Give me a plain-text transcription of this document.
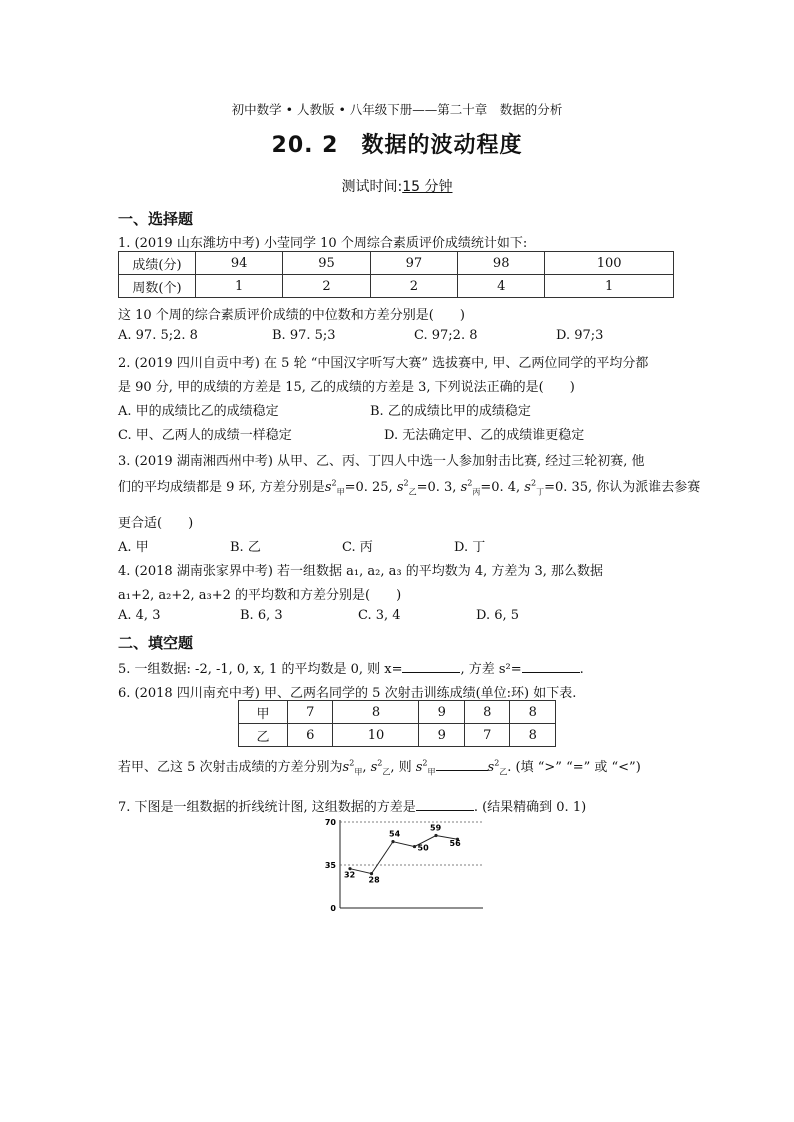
初中数学 • 人教版 • 八年级下册——第二十章　数据的分析
20. 2　数据的波动程度
测试时间:15 分钟
一、选择题
1. (2019 山东潍坊中考) 小莹同学 10 个周综合素质评价成绩统计如下:
成绩(分)	94	95	97	98	100
周数(个)	1	2	2	4	1
这 10 个周的综合素质评价成绩的中位数和方差分别是(　　)
A. 97. 5;2. 8	B. 97. 5;3	C. 97;2. 8	D. 97;3
2. (2019 四川自贡中考) 在 5 轮 “中国汉字听写大赛” 选拔赛中, 甲、乙两位同学的平均分都
是 90 分, 甲的成绩的方差是 15, 乙的成绩的方差是 3, 下列说法正确的是(　　)
A. 甲的成绩比乙的成绩稳定	B. 乙的成绩比甲的成绩稳定
C. 甲、乙两人的成绩一样稳定	D. 无法确定甲、乙的成绩谁更稳定
3. (2019 湖南湘西州中考) 从甲、乙、丙、丁四人中选一人参加射击比赛, 经过三轮初赛, 他
们的平均成绩都是 9 环, 方差分别是$s^2_甲=0$. 25, $s^2_乙=0$. 3, $s^2_丙=0$. 4, $s^2_丁=0$. 35, 你认为派谁去参赛
更合适(　　)
A. 甲	B. 乙	C. 丙	D. 丁
4. (2018 湖南张家界中考) 若一组数据 a₁, a₂, a₃ 的平均数为 4, 方差为 3, 那么数据
a₁+2, a₂+2, a₃+2 的平均数和方差分别是(　　)
A. 4, 3	B. 6, 3	C. 3, 4	D. 6, 5
二、填空题
5. 一组数据: -2, -1, 0, x, 1 的平均数是 0, 则 x=	, 方差 s²=	.
6. (2018 四川南充中考) 甲、乙两名同学的 5 次射击训练成绩(单位:环) 如下表.
甲	7	8	9	8	8
乙	6	10	9	7	8
若甲、乙这 5 次射击成绩的方差分别为$s^2_甲$, $s^2_乙$, 则 $s^2_甲$	$s^2_乙$. (填 “>” “=” 或 “<”)
7. 下图是一组数据的折线统计图, 这组数据的方差是	. (结果精确到 0. 1)
0
35
70
32
28
54
50
59
56
